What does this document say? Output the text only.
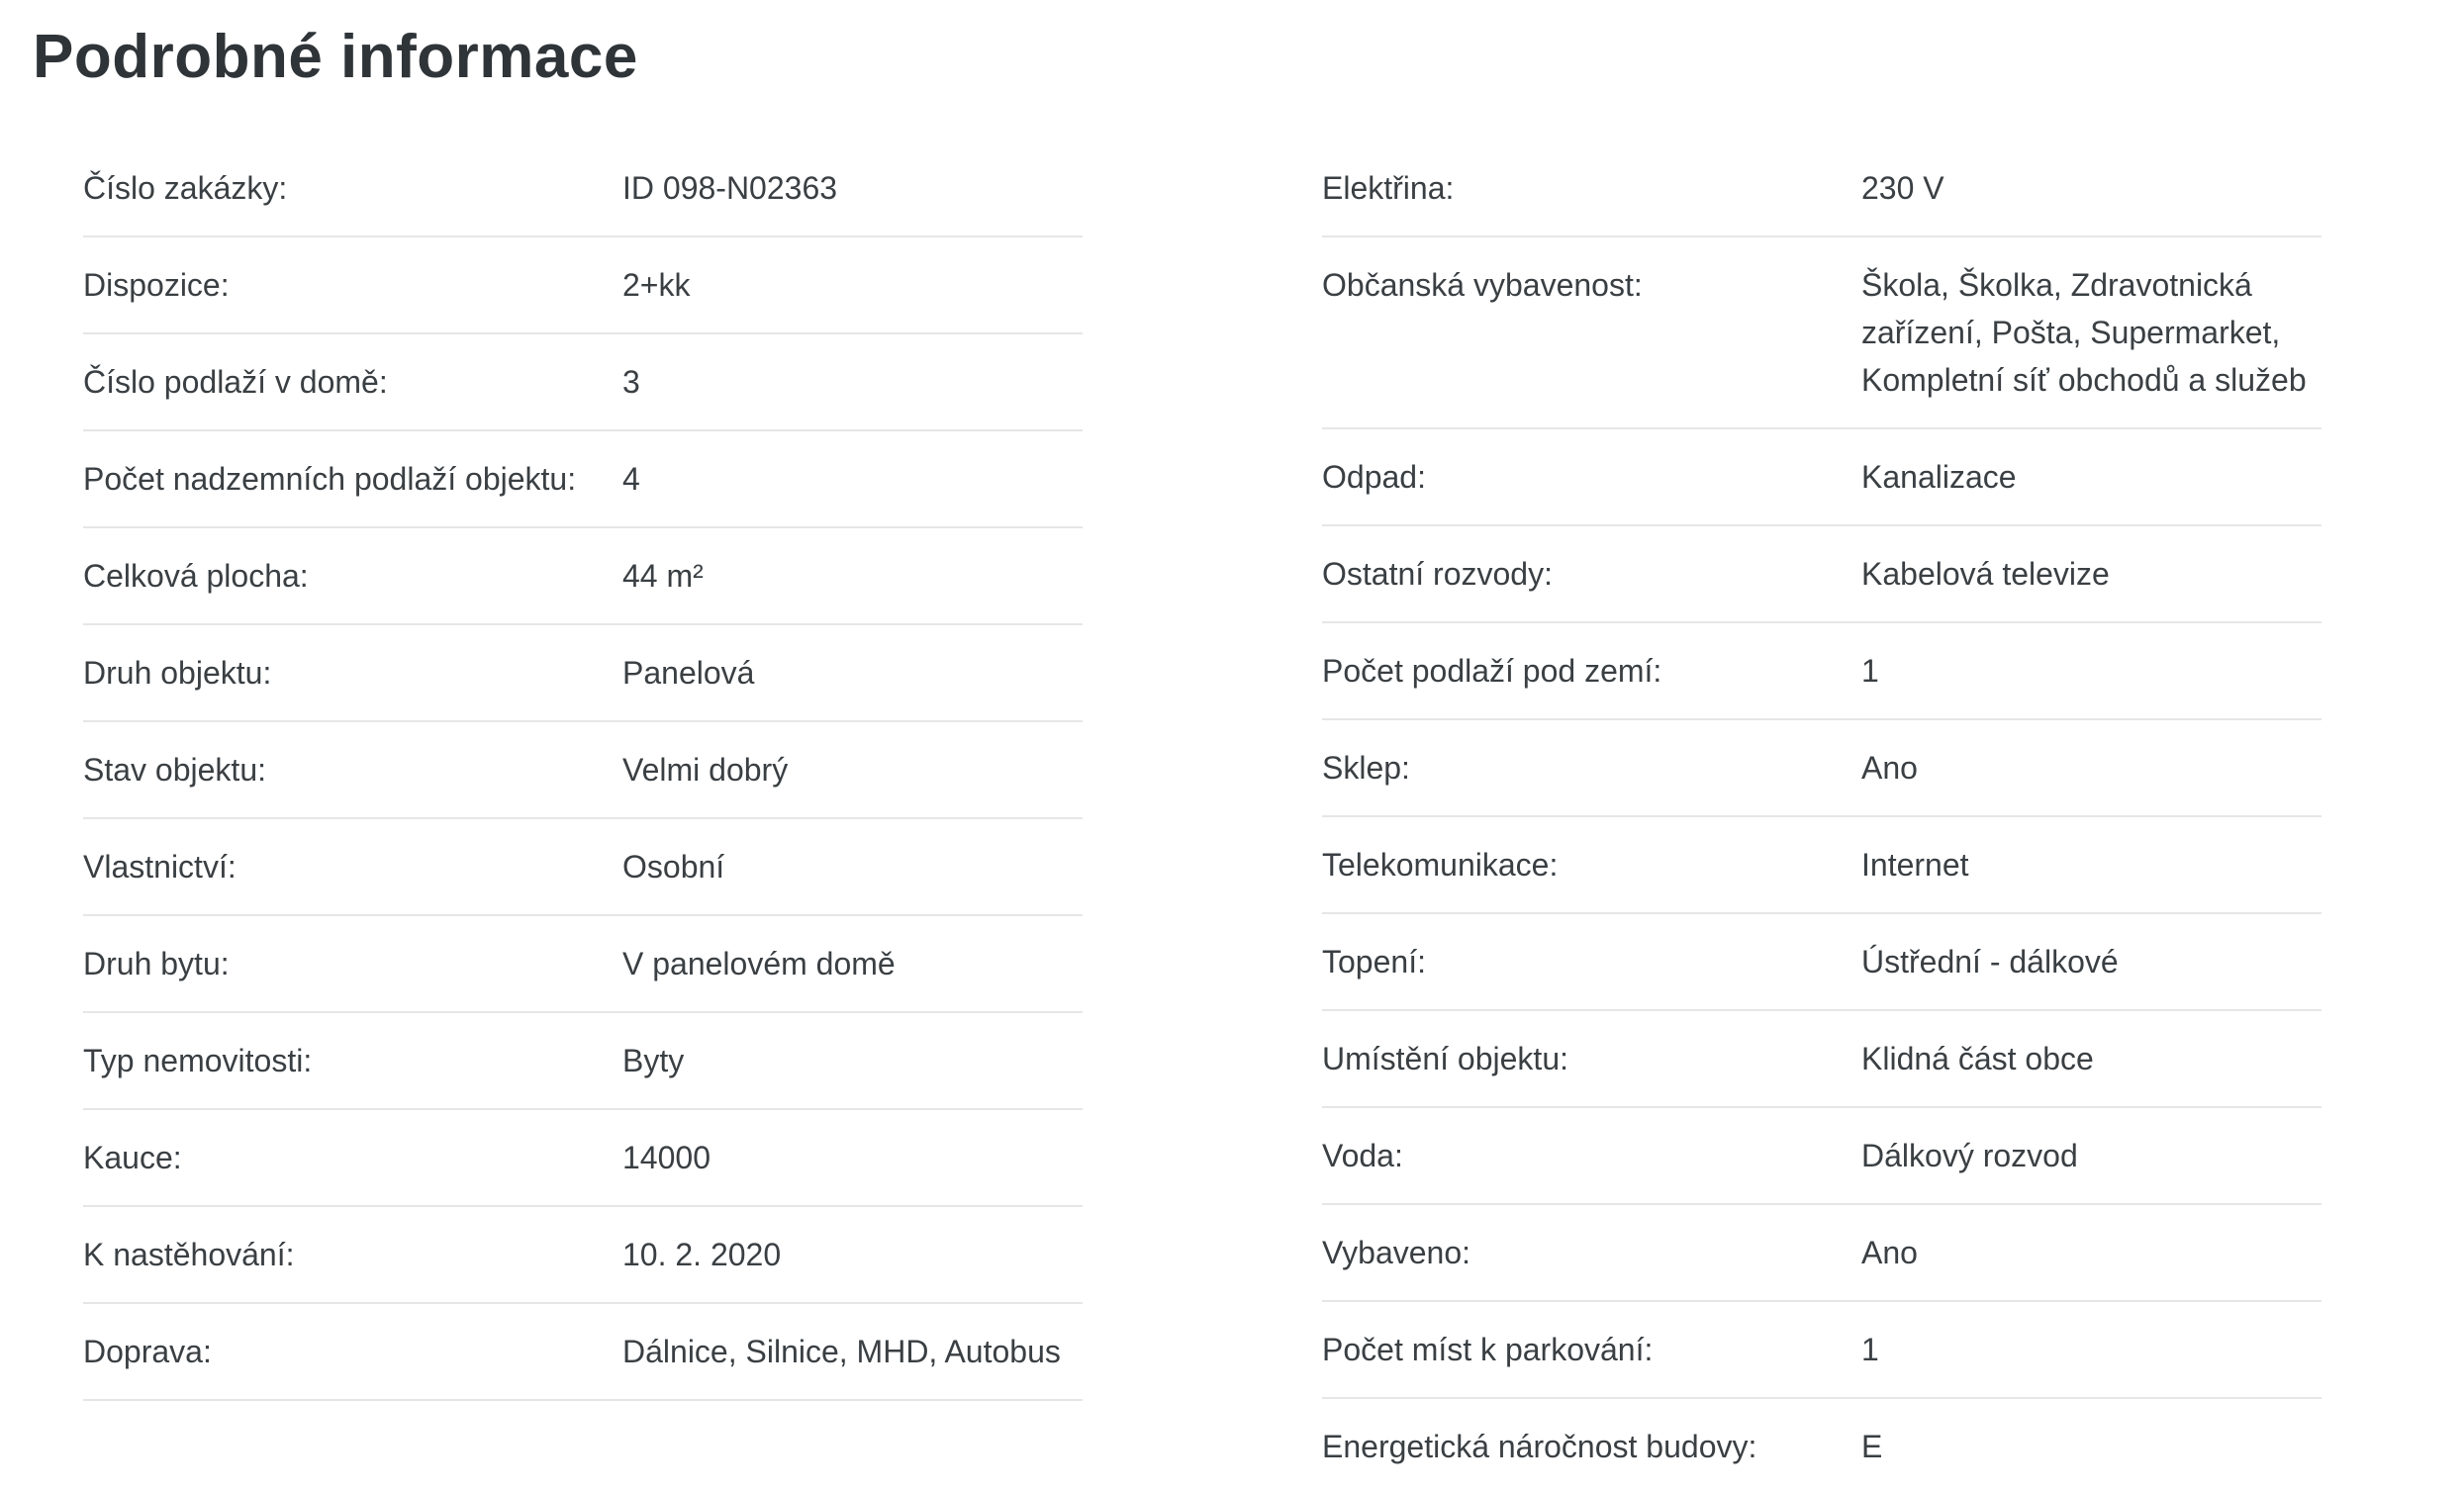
Podrobné informace
Číslo zakázky:	ID 098-N02363
Dispozice:	2+kk
Číslo podlaží v domě:	3
Počet nadzemních podlaží objektu:	4
Celková plocha:	44 m²
Druh objektu:	Panelová
Stav objektu:	Velmi dobrý
Vlastnictví:	Osobní
Druh bytu:	V panelovém domě
Typ nemovitosti:	Byty
Kauce:	14000
K nastěhování:	10. 2. 2020
Doprava:	Dálnice, Silnice, MHD, Autobus
Elektřina:	230 V
Občanská vybavenost:	Škola, Školka, Zdravotnická zařízení, Pošta, Supermarket, Kompletní síť obchodů a služeb
Odpad:	Kanalizace
Ostatní rozvody:	Kabelová televize
Počet podlaží pod zemí:	1
Sklep:	Ano
Telekomunikace:	Internet
Topení:	Ústřední - dálkové
Umístění objektu:	Klidná část obce
Voda:	Dálkový rozvod
Vybaveno:	Ano
Počet míst k parkování:	1
Energetická náročnost budovy:	E
